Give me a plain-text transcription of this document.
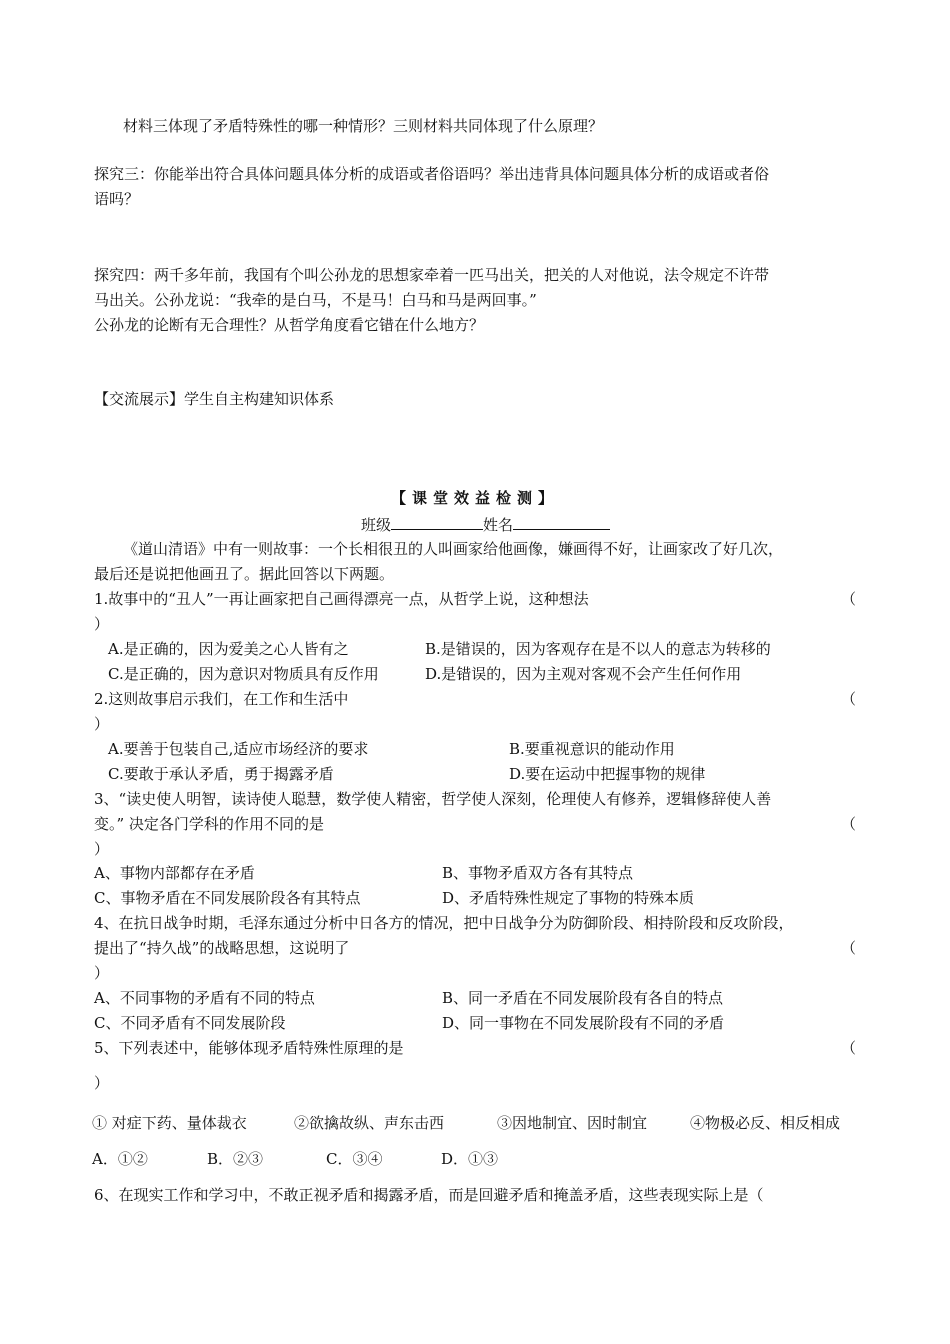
材料三体现了矛盾特殊性的哪一种情形？三则材料共同体现了什么原理？
探究三：你能举出符合具体问题具体分析的成语或者俗语吗？举出违背具体问题具体分析的成语或者俗
语吗？
探究四：两千多年前，我国有个叫公孙龙的思想家牵着一匹马出关，把关的人对他说，法令规定不许带
马出关。公孙龙说：“我牵的是白马，不是马！白马和马是两回事。”
公孙龙的论断有无合理性？从哲学角度看它错在什么地方？
【交流展示】学生自主构建知识体系
【课堂效益检测】
班级	姓名
《道山清语》中有一则故事：一个长相很丑的人叫画家给他画像，嫌画得不好，让画家改了好几次，
最后还是说把他画丑了。据此回答以下两题。
1.故事中的“丑人”一再让画家把自己画得漂亮一点，从哲学上说，这种想法	（
）
A.是正确的，因为爱美之心人皆有之	B.是错误的，因为客观存在是不以人的意志为转移的
C.是正确的，因为意识对物质具有反作用	D.是错误的，因为主观对客观不会产生任何作用
2.这则故事启示我们，在工作和生活中	（
）
A.要善于包装自己,适应市场经济的要求	B.要重视意识的能动作用
C.要敢于承认矛盾，勇于揭露矛盾	D.要在运动中把握事物的规律
3、“读史使人明智，读诗使人聪慧，数学使人精密，哲学使人深刻，伦理使人有修养，逻辑修辞使人善
变。” 决定各门学科的作用不同的是	（
）
A、事物内部都存在矛盾	B、事物矛盾双方各有其特点
C、事物矛盾在不同发展阶段各有其特点	D、矛盾特殊性规定了事物的特殊本质
4、在抗日战争时期，毛泽东通过分析中日各方的情况，把中日战争分为防御阶段、相持阶段和反攻阶段，
提出了“持久战”的战略思想，这说明了	（
）
A、不同事物的矛盾有不同的特点	B、同一矛盾在不同发展阶段有各自的特点
C、不同矛盾有不同发展阶段	D、同一事物在不同发展阶段有不同的矛盾
5、下列表述中，能够体现矛盾特殊性原理的是	（
）
① 对症下药、量体裁衣	②欲擒故纵、声东击西	③因地制宜、因时制宜	④物极必反、相反相成
A．①②	B．②③	C．③④	D．①③
6、在现实工作和学习中，不敢正视矛盾和揭露矛盾，而是回避矛盾和掩盖矛盾，这些表现实际上是（
